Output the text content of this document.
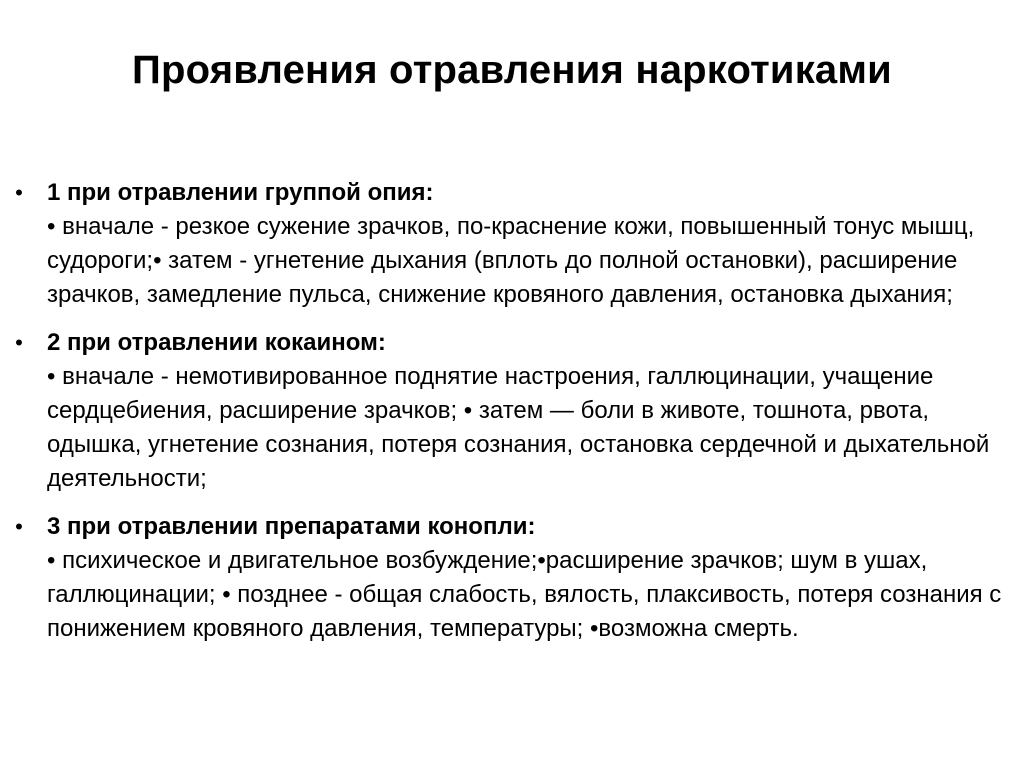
Проявления отравления наркотиками
•	1 при отравлении группой опия:
• вначале - резкое сужение зрачков, по-краснение кожи, повышенный тонус мышц, судороги;• затем - угнетение дыхания (вплоть до полной остановки), расширение зрачков, замедление пульса, снижение кровяного давления, остановка дыхания;
•	2 при отравлении кокаином:
• вначале - немотивированное поднятие настроения, галлюцинации, учащение сердцебиения, расширение зрачков; • затем — боли в животе, тошнота, рвота, одышка, угнетение сознания, потеря сознания, остановка сердечной и дыхательной деятельности;
•	3 при отравлении препаратами конопли:
• психическое и двигательное возбуждение;•расширение зрачков; шум в ушах, галлюцинации; • позднее - общая слабость, вялость, плаксивость, потеря сознания с понижением кровяного давления, температуры; •возможна смерть.
